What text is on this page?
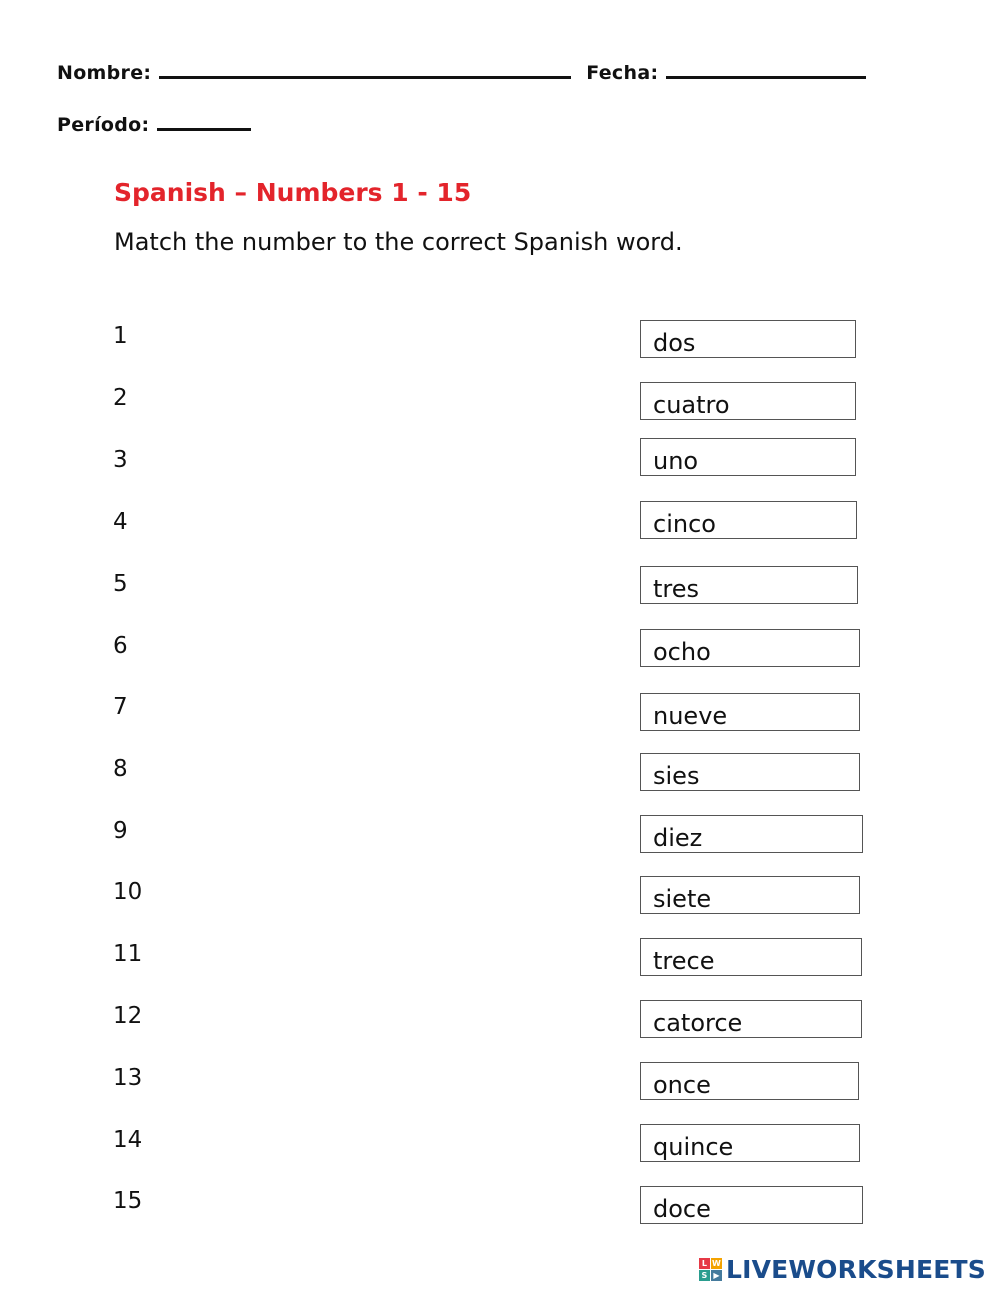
Nombre:	Fecha:
Período:
Spanish – Numbers 1 - 15
Match the number to the correct Spanish word.
1
2
3
4
5
6
7
8
9
10
11
12
13
14
15
dos
cuatro
uno
cinco
tres
ocho
nueve
sies
diez
siete
trece
catorce
once
quince
doce
L W
S ▶ LIVEWORKSHEETS
